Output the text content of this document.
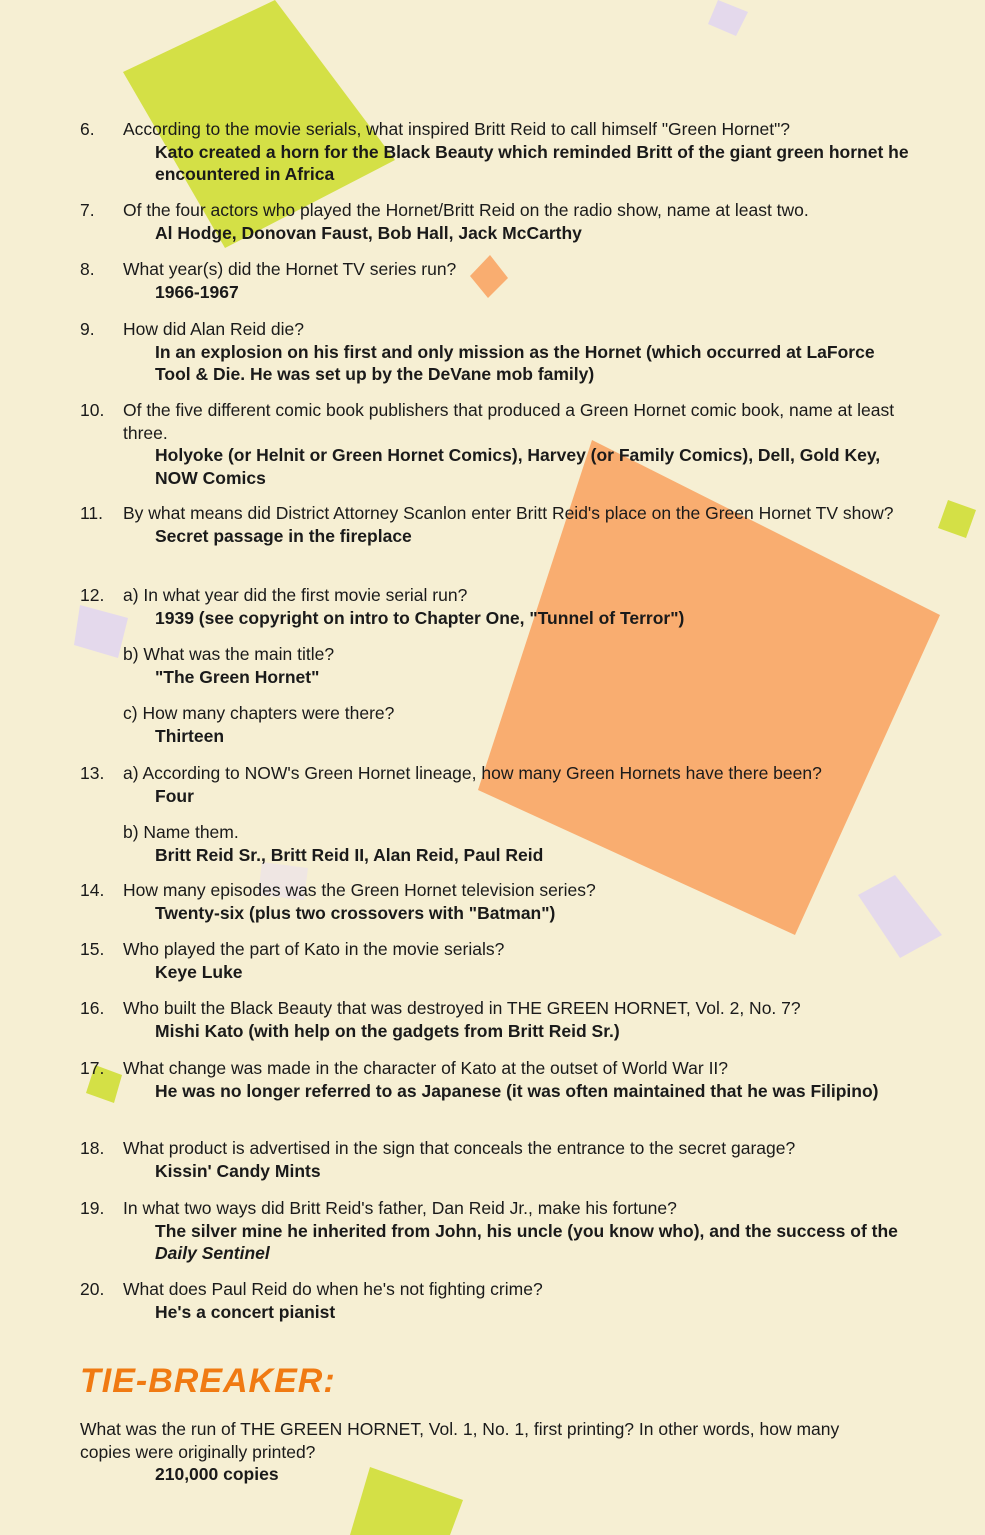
6. According to the movie serials, what inspired Britt Reid to call himself "Green Hornet"?
Kato created a horn for the Black Beauty which reminded Britt of the giant green hornet he encountered in Africa
7. Of the four actors who played the Hornet/Britt Reid on the radio show, name at least two.
Al Hodge, Donovan Faust, Bob Hall, Jack McCarthy
8. What year(s) did the Hornet TV series run?
1966-1967
9. How did Alan Reid die?
In an explosion on his first and only mission as the Hornet (which occurred at LaForce Tool & Die. He was set up by the DeVane mob family)
10. Of the five different comic book publishers that produced a Green Hornet comic book, name at least three.
Holyoke (or Helnit or Green Hornet Comics), Harvey (or Family Comics), Dell, Gold Key, NOW Comics
11. By what means did District Attorney Scanlon enter Britt Reid's place on the Green Hornet TV show?
Secret passage in the fireplace
12. a) In what year did the first movie serial run?
1939 (see copyright on intro to Chapter One, "Tunnel of Terror")
b) What was the main title?
"The Green Hornet"
c) How many chapters were there?
Thirteen
13. a) According to NOW's Green Hornet lineage, how many Green Hornets have there been?
Four
b) Name them.
Britt Reid Sr., Britt Reid II, Alan Reid, Paul Reid
14. How many episodes was the Green Hornet television series?
Twenty-six (plus two crossovers with "Batman")
15. Who played the part of Kato in the movie serials?
Keye Luke
16. Who built the Black Beauty that was destroyed in THE GREEN HORNET, Vol. 2, No. 7?
Mishi Kato (with help on the gadgets from Britt Reid Sr.)
17. What change was made in the character of Kato at the outset of World War II?
He was no longer referred to as Japanese (it was often maintained that he was Filipino)
18. What product is advertised in the sign that conceals the entrance to the secret garage?
Kissin' Candy Mints
19. In what two ways did Britt Reid's father, Dan Reid Jr., make his fortune?
The silver mine he inherited from John, his uncle (you know who), and the success of the Daily Sentinel
20. What does Paul Reid do when he's not fighting crime?
He's a concert pianist
TIE-BREAKER:
What was the run of THE GREEN HORNET, Vol. 1, No. 1, first printing? In other words, how many copies were originally printed?
210,000 copies
